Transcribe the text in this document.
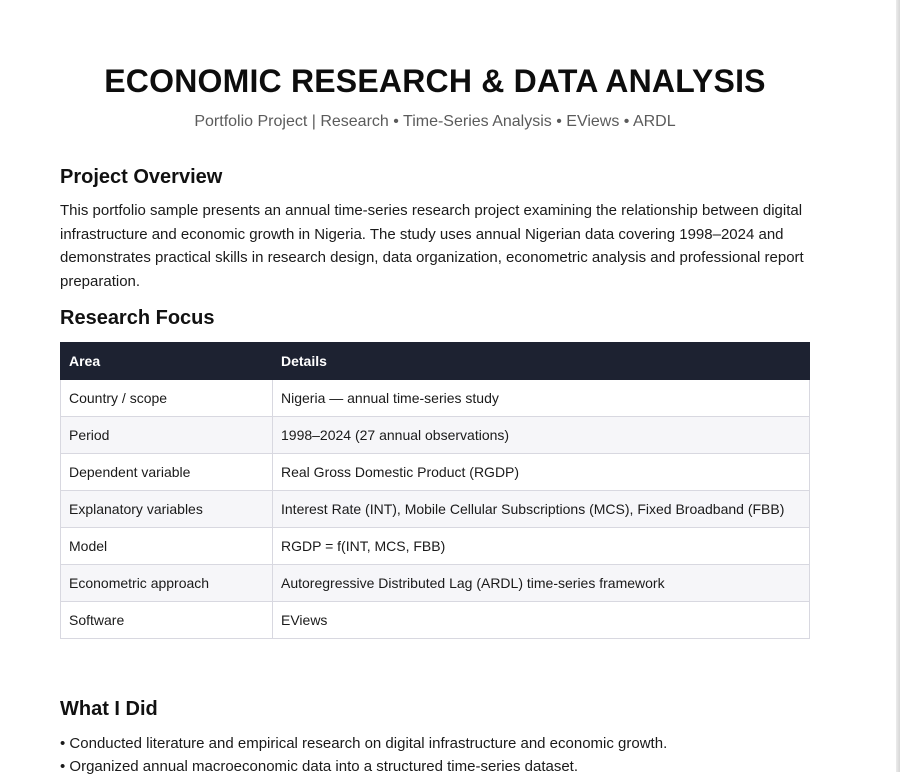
ECONOMIC RESEARCH & DATA ANALYSIS
Portfolio Project | Research • Time-Series Analysis • EViews • ARDL
Project Overview

This portfolio sample presents an annual time-series research project examining the relationship between digital infrastructure and economic growth in Nigeria. The study uses annual Nigerian data covering 1998–2024 and demonstrates practical skills in research design, data organization, econometric analysis and professional report preparation.

Research Focus
Area	Details
Country / scope	Nigeria — annual time-series study
Period	1998–2024 (27 annual observations)
Dependent variable	Real Gross Domestic Product (RGDP)
Explanatory variables	Interest Rate (INT), Mobile Cellular Subscriptions (MCS), Fixed Broadband (FBB)
Model	RGDP = f(INT, MCS, FBB)
Econometric approach	Autoregressive Distributed Lag (ARDL) time-series framework
Software	EViews
What I Did
• Conducted literature and empirical research on digital infrastructure and economic growth.
• Organized annual macroeconomic data into a structured time-series dataset.
